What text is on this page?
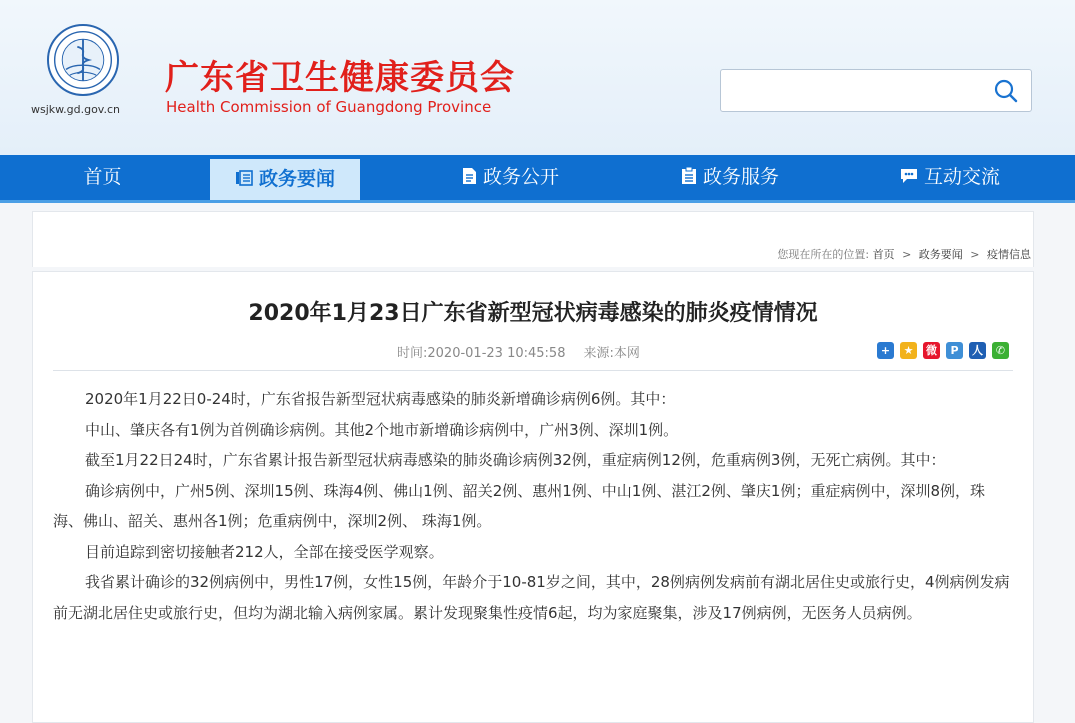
wsjkw.gd.gov.cn
广东省卫生健康委员会
Health Commission of Guangdong Province
首页	政务要闻	政务公开	政务服务	互动交流
您现在所在的位置: 首页 > 政务要闻 > 疫情信息
2020年1月23日广东省新型冠状病毒感染的肺炎疫情情况
时间:2020-01-23 10:45:58 来源:本网	+	★	微	P	人	✆

2020年1月22日0-24时，广东省报告新型冠状病毒感染的肺炎新增确诊病例6例。其中：

中山、肇庆各有1例为首例确诊病例。其他2个地市新增确诊病例中，广州3例、深圳1例。

截至1月22日24时，广东省累计报告新型冠状病毒感染的肺炎确诊病例32例，重症病例12例，危重病例3例，无死亡病例。其中：

确诊病例中，广州5例、深圳15例、珠海4例、佛山1例、韶关2例、惠州1例、中山1例、湛江2例、肇庆1例；重症病例中，深圳8例，珠海、佛山、韶关、惠州各1例；危重病例中，深圳2例、 珠海1例。

目前追踪到密切接触者212人，全部在接受医学观察。

我省累计确诊的32例病例中，男性17例，女性15例，年龄介于10-81岁之间，其中，28例病例发病前有湖北居住史或旅行史，4例病例发病前无湖北居住史或旅行史，但均为湖北输入病例家属。累计发现聚集性疫情6起，均为家庭聚集，涉及17例病例，无医务人员病例。
